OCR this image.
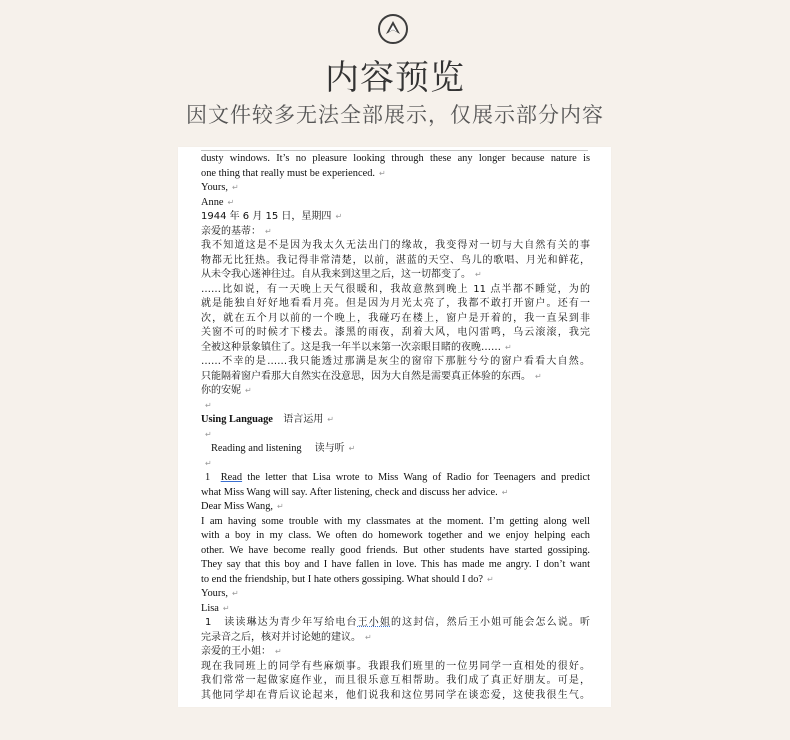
内容预览
因文件较多无法全部展示，仅展示部分内容
dusty windows. It’s no pleasure looking through these any longer because nature is
one thing that really must be experienced. ↵
Yours, ↵
Anne ↵
1944 年 6 月 15 日，星期四 ↵
亲爱的基蒂： ↵
我不知道这是不是因为我太久无法出门的缘故，我变得对一切与大自然有关的事
物都无比狂热。我记得非常清楚，以前，湛蓝的天空、鸟儿的歌唱、月光和鲜花，
从未令我心迷神往过。自从我来到这里之后，这一切都变了。 ↵
……比如说，有一天晚上天气很暖和，我故意熬到晚上 11 点半都不睡觉，为的
就是能独自好好地看看月亮。但是因为月光太亮了，我都不敢打开窗户。还有一
次，就在五个月以前的一个晚上，我碰巧在楼上，窗户是开着的，我一直呆到非
关窗不可的时候才下楼去。漆黑的雨夜，刮着大风，电闪雷鸣，乌云滚滚，我完
全被这种景象镇住了。这是我一年半以来第一次亲眼目睹的夜晚…… ↵
……不幸的是……我只能透过那满是灰尘的窗帘下那脏兮兮的窗户看看大自然。
只能隔着窗户看那大自然实在没意思，因为大自然是需要真正体验的东西。 ↵
你的安妮 ↵
↵
Using Language 语言运用 ↵
↵
Reading and listening 读与听 ↵
↵
1 Read the letter that Lisa wrote to Miss Wang of Radio for Teenagers and predict
what Miss Wang will say. After listening, check and discuss her advice. ↵
Dear Miss Wang, ↵
I am having some trouble with my classmates at the moment. I’m getting along well
with a boy in my class. We often do homework together and we enjoy helping each
other. We have become really good friends. But other students have started gossiping.
They say that this boy and I have fallen in love. This has made me angry. I don’t want
to end the friendship, but I hate others gossiping. What should I do? ↵
Yours, ↵
Lisa ↵
1 读读琳达为青少年写给电台王小姐的这封信，然后王小姐可能会怎么说。听
完录音之后，核对并讨论她的建议。 ↵
亲爱的王小姐： ↵
现在我同班上的同学有些麻烦事。我跟我们班里的一位男同学一直相处的很好。
我们常常一起做家庭作业，而且很乐意互相帮助。我们成了真正好朋友。可是，
其他同学却在背后议论起来，他们说我和这位男同学在谈恋爱，这使我很生气。
